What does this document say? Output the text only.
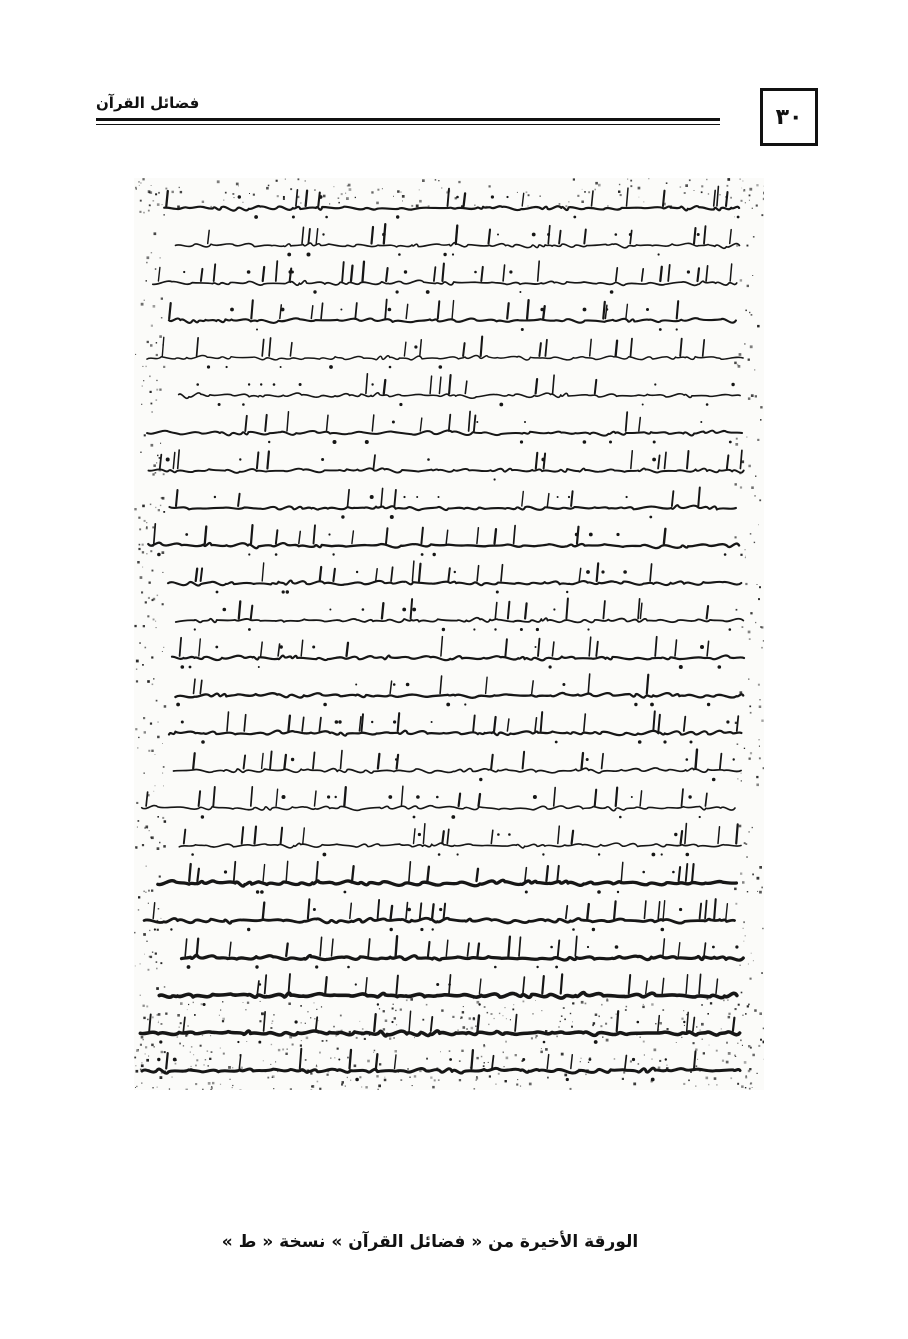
٣٠
فضائل القرآن
الورقة الأخيرة من « فضائل القرآن » نسخة « ط »
